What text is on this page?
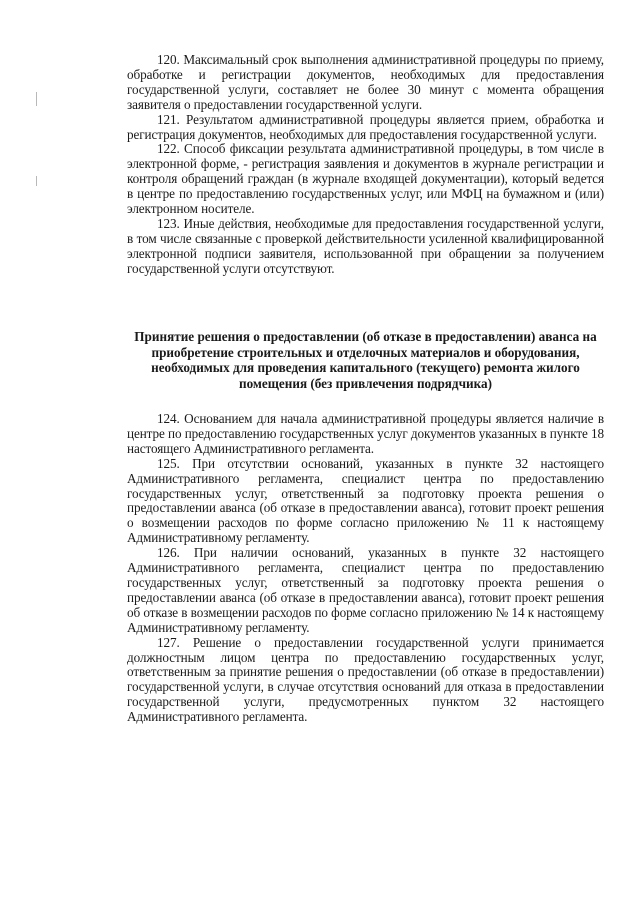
120. Максимальный срок выполнения административной процедуры по приему, обработке и регистрации документов, необходимых для предоставления государственной услуги, составляет не более 30 минут с момента обращения заявителя о предоставлении государственной услуги.

121. Результатом административной процедуры является прием, обработка и регистрация документов, необходимых для предоставления государственной услуги.

122. Способ фиксации результата административной процедуры, в том числе в электронной форме, - регистрация заявления и документов в журнале регистрации и контроля обращений граждан (в журнале входящей документации), который ведется в центре по предоставлению государственных услуг, или МФЦ на бумажном и (или) электронном носителе.

123. Иные действия, необходимые для предоставления государственной услуги, в том числе связанные с проверкой действительности усиленной квалифицированной электронной подписи заявителя, использованной при обращении за получением государственной услуги отсутствуют.

Принятие решения о предоставлении (об отказе в предоставлении) аванса на приобретение строительных и отделочных материалов и оборудования, необходимых для проведения капитального (текущего) ремонта жилого помещения (без привлечения подрядчика)

124. Основанием для начала административной процедуры является наличие в центре по предоставлению государственных услуг документов указанных в пункте 18 настоящего Административного регламента.

125. При отсутствии оснований, указанных в пункте 32 настоящего Административного регламента, специалист центра по предоставлению государственных услуг, ответственный за подготовку проекта решения о предоставлении аванса (об отказе в предоставлении аванса), готовит проект решения о возмещении расходов по форме согласно приложению № 11 к настоящему Административному регламенту.

126. При наличии оснований, указанных в пункте 32 настоящего Административного регламента, специалист центра по предоставлению государственных услуг, ответственный за подготовку проекта решения о предоставлении аванса (об отказе в предоставлении аванса), готовит проект решения об отказе в возмещении расходов по форме согласно приложению № 14 к настоящему Административному регламенту.

127. Решение о предоставлении государственной услуги принимается должностным лицом центра по предоставлению государственных услуг, ответственным за принятие решения о предоставлении (об отказе в предоставлении) государственной услуги, в случае отсутствия оснований для отказа в предоставлении государственной услуги, предусмотренных пунктом 32 настоящего Административного регламента.
